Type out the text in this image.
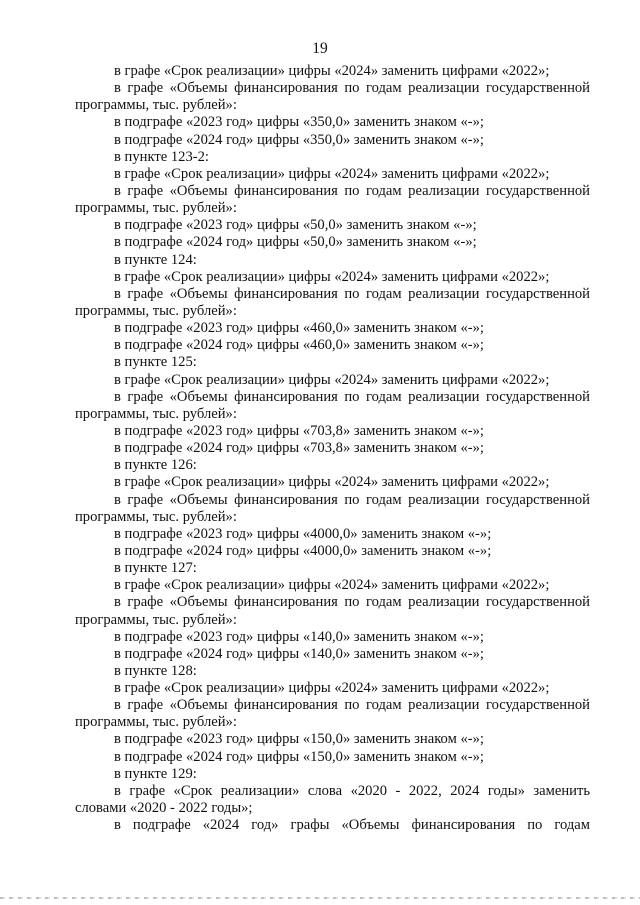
19
в графе «Срок реализации» цифры «2024» заменить цифрами «2022»;
в графе «Объемы финансирования по годам реализации государственной
программы, тыс. рублей»:
в подграфе «2023 год» цифры «350,0» заменить знаком «-»;
в подграфе «2024 год» цифры «350,0» заменить знаком «-»;
в пункте 123-2:
в графе «Срок реализации» цифры «2024» заменить цифрами «2022»;
в графе «Объемы финансирования по годам реализации государственной
программы, тыс. рублей»:
в подграфе «2023 год» цифры «50,0» заменить знаком «-»;
в подграфе «2024 год» цифры «50,0» заменить знаком «-»;
в пункте 124:
в графе «Срок реализации» цифры «2024» заменить цифрами «2022»;
в графе «Объемы финансирования по годам реализации государственной
программы, тыс. рублей»:
в подграфе «2023 год» цифры «460,0» заменить знаком «-»;
в подграфе «2024 год» цифры «460,0» заменить знаком «-»;
в пункте 125:
в графе «Срок реализации» цифры «2024» заменить цифрами «2022»;
в графе «Объемы финансирования по годам реализации государственной
программы, тыс. рублей»:
в подграфе «2023 год» цифры «703,8» заменить знаком «-»;
в подграфе «2024 год» цифры «703,8» заменить знаком «-»;
в пункте 126:
в графе «Срок реализации» цифры «2024» заменить цифрами «2022»;
в графе «Объемы финансирования по годам реализации государственной
программы, тыс. рублей»:
в подграфе «2023 год» цифры «4000,0» заменить знаком «-»;
в подграфе «2024 год» цифры «4000,0» заменить знаком «-»;
в пункте 127:
в графе «Срок реализации» цифры «2024» заменить цифрами «2022»;
в графе «Объемы финансирования по годам реализации государственной
программы, тыс. рублей»:
в подграфе «2023 год» цифры «140,0» заменить знаком «-»;
в подграфе «2024 год» цифры «140,0» заменить знаком «-»;
в пункте 128:
в графе «Срок реализации» цифры «2024» заменить цифрами «2022»;
в графе «Объемы финансирования по годам реализации государственной
программы, тыс. рублей»:
в подграфе «2023 год» цифры «150,0» заменить знаком «-»;
в подграфе «2024 год» цифры «150,0» заменить знаком «-»;
в пункте 129:
в графе «Срок реализации» слова «2020 - 2022, 2024 годы» заменить
словами «2020 - 2022 годы»;
в подграфе «2024 год» графы «Объемы финансирования по годам
